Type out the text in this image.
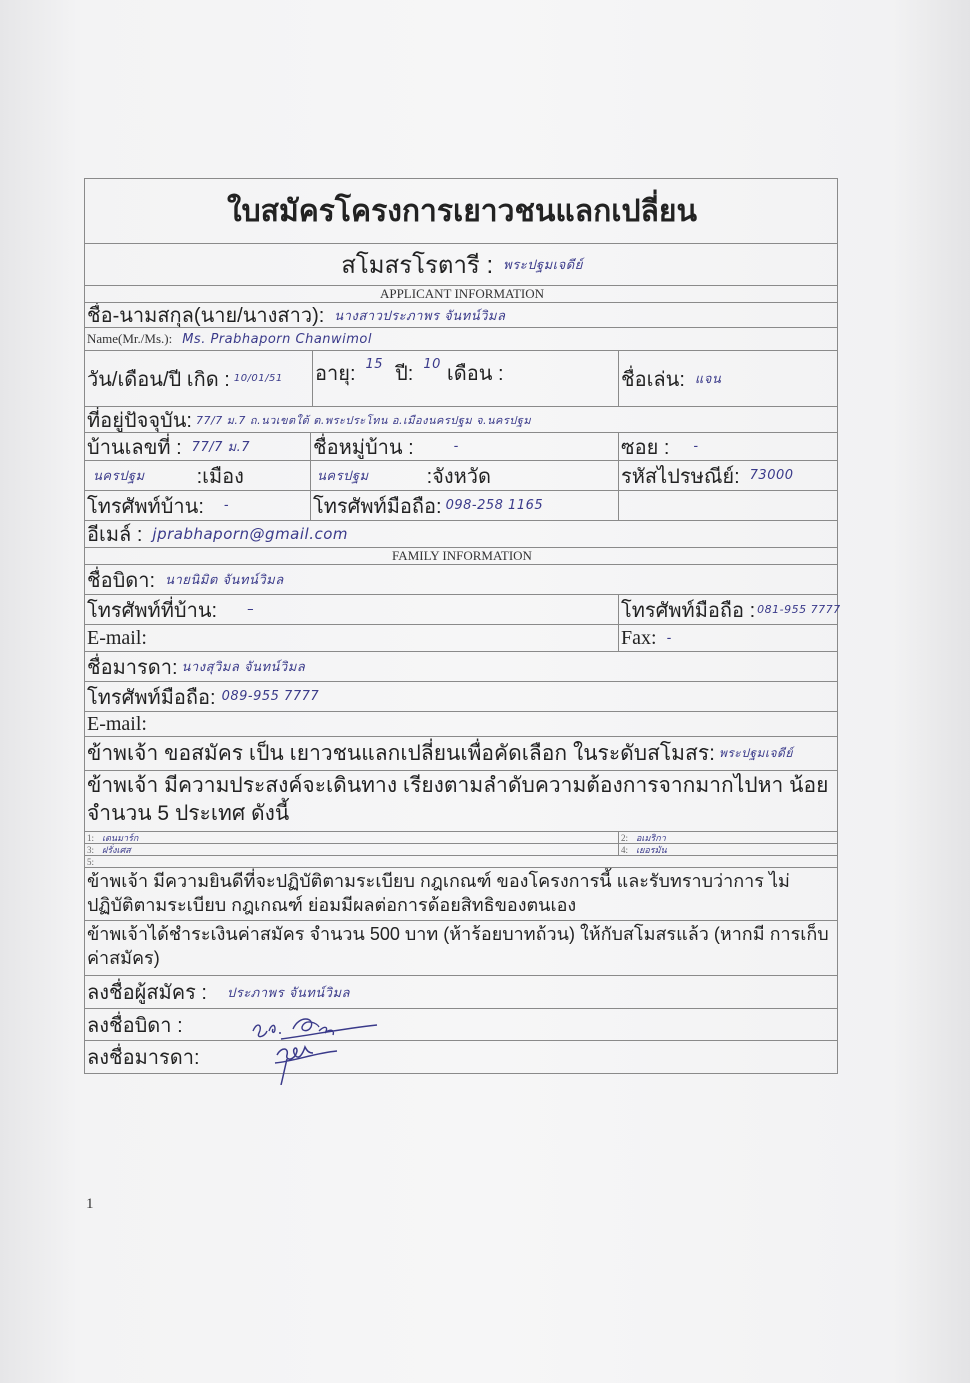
ใบสมัครโครงการเยาวชนแลกเปลี่ยน
สโมสรโรตารี : พระปฐมเจดีย์
APPLICANT INFORMATION
ชื่อ-นามสกุล(นาย/นางสาว): นางสาวประภาพร จันทน์วิมล
Name(Mr./Ms.): Ms. Prabhaporn Chanwimol
วัน/เดือน/ปี เกิด : 10/01/51 อายุ: 15 ปี: 10 เดือน :	ชื่อเล่น: แจน
ที่อยู่ปัจจุบัน: 77/7 ม.7 ถ.นวเขตใต้ ต.พระประโทน อ.เมืองนครปฐม จ.นครปฐม
บ้านเลขที่ : 77/7 ม.7	ชื่อหมู่บ้าน :	-	ซอย : -
นครปฐม	:เมือง	นครปฐม	:จังหวัด	รหัสไปรษณีย์: 73000
โทรศัพท์บ้าน: -	โทรศัพท์มือถือ: 098-258 1165
อีเมล์ : jprabhaporn@gmail.com
FAMILY INFORMATION
ชื่อบิดา: นายนิมิต จันทน์วิมล
โทรศัพท์ที่บ้าน: –	โทรศัพท์มือถือ : 081-955 7777
E-mail:	Fax: -
ชื่อมารดา: นางสุวิมล จันทน์วิมล
โทรศัพท์มือถือ: 089-955 7777
E-mail:
ข้าพเจ้า ขอสมัคร เป็น เยาวชนแลกเปลี่ยนเพื่อคัดเลือก ในระดับสโมสร: พระปฐมเจดีย์
ข้าพเจ้า มีความประสงค์จะเดินทาง เรียงตามลำดับความต้องการจากมากไปหา น้อย จำนวน 5 ประเทศ ดังนี้
1: เดนมาร์ก	2: อเมริกา
3: ฝรั่งเศส	4: เยอรมัน
5:
ข้าพเจ้า มีความยินดีที่จะปฏิบัติตามระเบียบ กฎเกณฑ์ ของโครงการนี้ และรับทราบว่าการ ไม่ปฏิบัติตามระเบียบ กฎเกณฑ์ ย่อมมีผลต่อการด้อยสิทธิของตนเอง
ข้าพเจ้าได้ชำระเงินค่าสมัคร จำนวน 500 บาท (ห้าร้อยบาทถ้วน) ให้กับสโมสรแล้ว (หากมี การเก็บค่าสมัคร)
ลงชื่อผู้สมัคร : ประภาพร จันทน์วิมล
ลงชื่อบิดา :
ลงชื่อมารดา:
1
